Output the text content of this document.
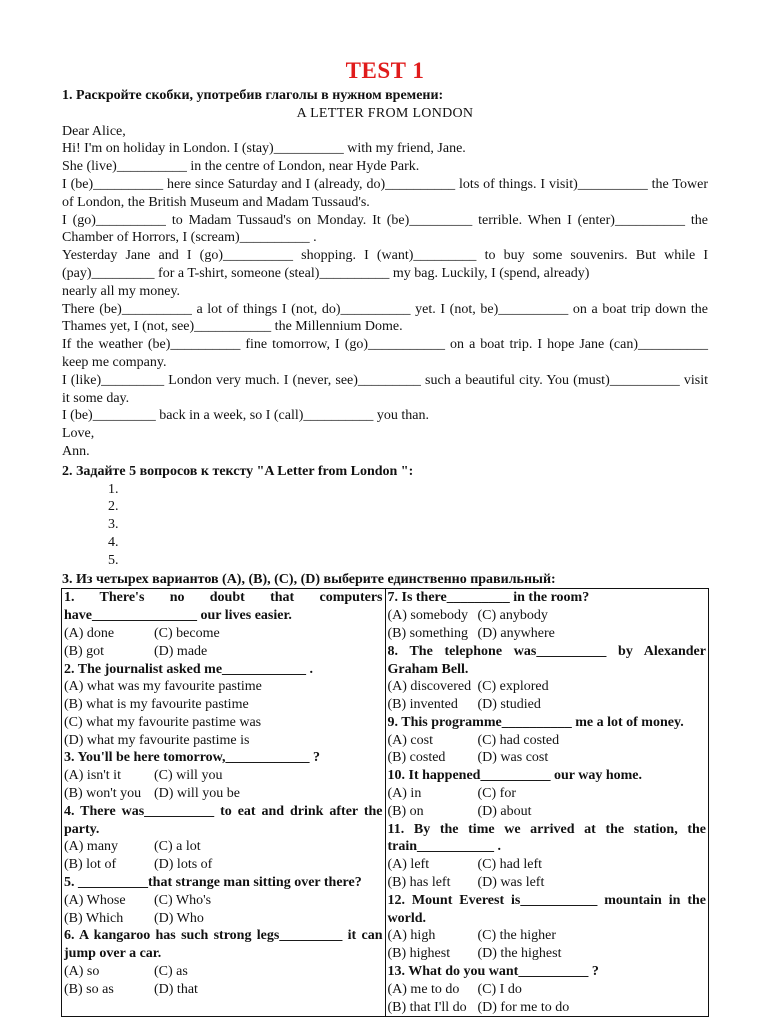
TEST 1
1. Раскройте скобки, употребив глаголы в нужном времени:
A LETTER FROM LONDON

Dear Alice,

Hi! I'm on holiday in London. I (stay)__________ with my friend, Jane.

She (live)__________ in the centre of London, near Hyde Park.

I (be)__________ here since Saturday and I (already, do)__________ lots of things. I visit)__________ the Tower of London, the British Museum and Madam Tussaud's.

I (go)__________ to Madam Tussaud's on Monday. It (be)_________ terrible. When I (enter)__________ the Chamber of Horrors, I (scream)__________ .

Yesterday Jane and I (go)__________ shopping. I (want)_________ to buy some souvenirs. But while I (pay)_________ for a T-shirt, someone (steal)__________ my bag. Luckily, I (spend, already)

nearly all my money.

There (be)__________ a lot of things I (not, do)__________ yet. I (not, be)__________ on a boat trip down the Thames yet, I (not, see)___________ the Millennium Dome.

If the weather (be)__________ fine tomorrow, I (go)___________ on a boat trip. I hope Jane (can)__________ keep me company.

I (like)_________ London very much. I (never, see)_________ such a beautiful city. You (must)__________ visit it some day.

I (be)_________ back in a week, so I (call)__________ you than.

Love,

Ann.

2. Задайте 5 вопросов к тексту "A Letter from London ":
1.
2.
3.
4.
5.
3. Из четырех вариантов (A), (B), (C), (D) выберите единственно правильный:
1. There's no doubt that computers have_______________ our lives easier.
(A) done	(C) become
(B) got	(D) made
2. The journalist asked me____________ .
(A) what was my favourite pastime
(B) what is my favourite pastime
(C) what my favourite pastime was
(D) what my favourite pastime is
3. You'll be here tomorrow,____________ ?
(A) isn't it	(C) will you
(B) won't you (D) will you be
4. There was__________ to eat and drink after the party.
(A) many	(C) a lot
(B) lot of	(D) lots of
5. __________that strange man sitting over there?
(A) Whose	(C) Who's
(B) Which	(D) Who
6. A kangaroo has such strong legs_________ it can jump over a car.
(A) so	(C) as
(B) so as	(D) that

7. Is there_________ in the room?
(A) somebody (C) anybody
(B) something (D) anywhere
8. The telephone was__________ by Alexander Graham Bell.
(A) discovered (C) explored
(B) invented	(D) studied
9. This programme__________ me a lot of money.
(A) cost	(C) had costed
(B) costed	(D) was cost
10. It happened__________ our way home.
(A) in	(C) for
(B) on	(D) about
11. By the time we arrived at the station, the train___________ .
(A) left	(C) had left
(B) has left	(D) was left
12. Mount Everest is___________ mountain in the world.
(A) high	(C) the higher
(B) highest	(D) the highest
13. What do you want__________ ?
(A) me to do	(C) I do
(B) that I'll do (D) for me to do
